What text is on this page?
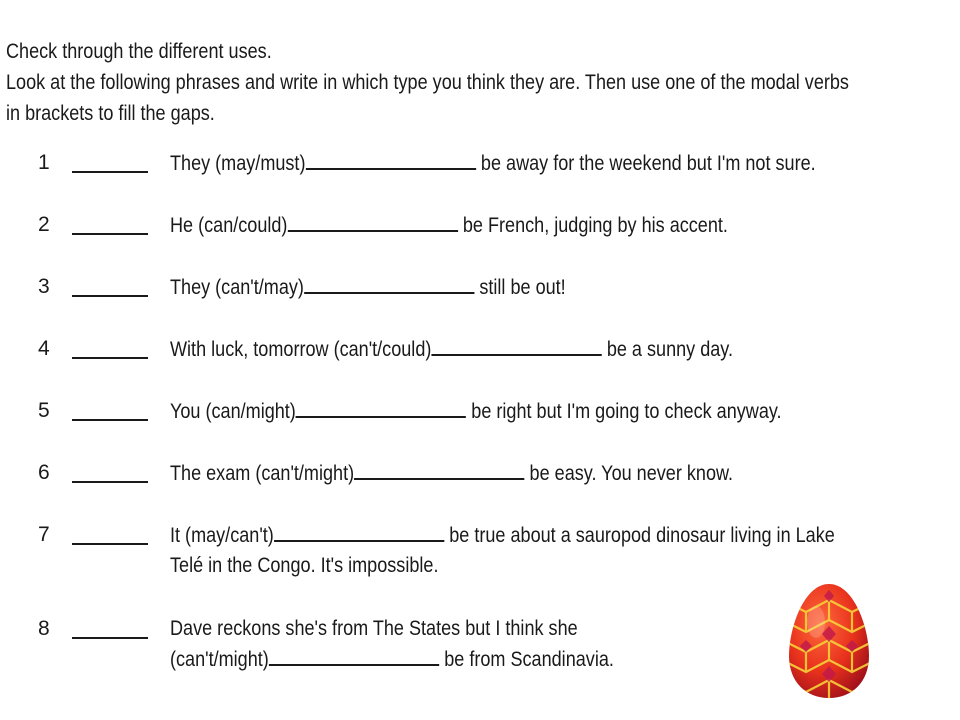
Check through the different uses.
Look at the following phrases and write in which type you think they are. Then use one of the modal verbs
in brackets to fill the gaps.
1	They (may/must)	be away for the weekend but I'm not sure.
2	He (can/could)	be French, judging by his accent.
3	They (can't/may)	still be out!
4	With luck, tomorrow (can't/could)	be a sunny day.
5	You (can/might)	be right but I'm going to check anyway.
6	The exam (can't/might)	be easy. You never know.
7	It (may/can't)	be true about a sauropod dinosaur living in Lake
Telé in the Congo. It's impossible.
8	Dave reckons she's from The States but I think she
(can't/might)	be from Scandinavia.
